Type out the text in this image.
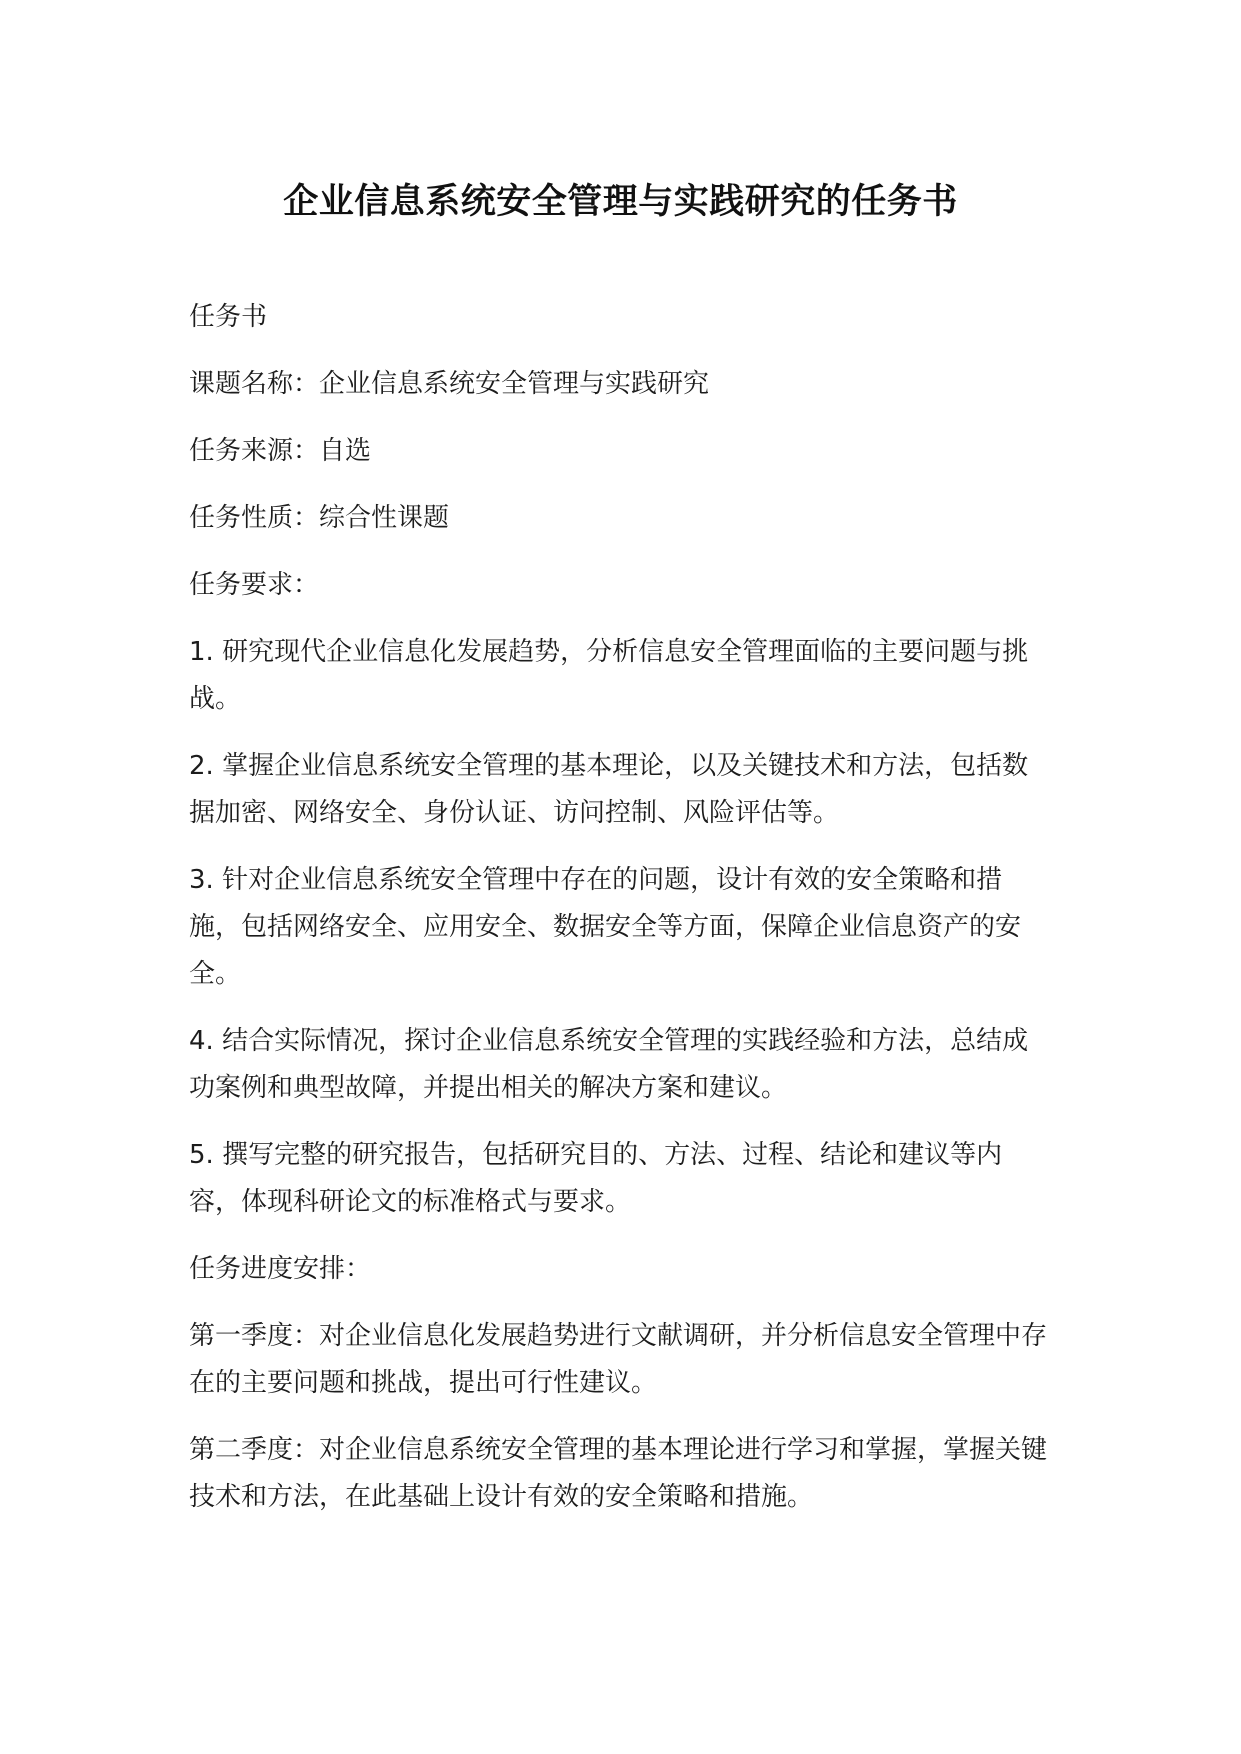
企业信息系统安全管理与实践研究的任务书

任务书

课题名称：企业信息系统安全管理与实践研究

任务来源：自选

任务性质：综合性课题

任务要求：

1. 研究现代企业信息化发展趋势，分析信息安全管理面临的主要问题与挑战。

2. 掌握企业信息系统安全管理的基本理论，以及关键技术和方法，包括数据加密、网络安全、身份认证、访问控制、风险评估等。

3. 针对企业信息系统安全管理中存在的问题，设计有效的安全策略和措施，包括网络安全、应用安全、数据安全等方面，保障企业信息资产的安全。

4. 结合实际情况，探讨企业信息系统安全管理的实践经验和方法，总结成功案例和典型故障，并提出相关的解决方案和建议。

5. 撰写完整的研究报告，包括研究目的、方法、过程、结论和建议等内容，体现科研论文的标准格式与要求。

任务进度安排：

第一季度：对企业信息化发展趋势进行文献调研，并分析信息安全管理中存在的主要问题和挑战，提出可行性建议。

第二季度：对企业信息系统安全管理的基本理论进行学习和掌握，掌握关键技术和方法，在此基础上设计有效的安全策略和措施。
